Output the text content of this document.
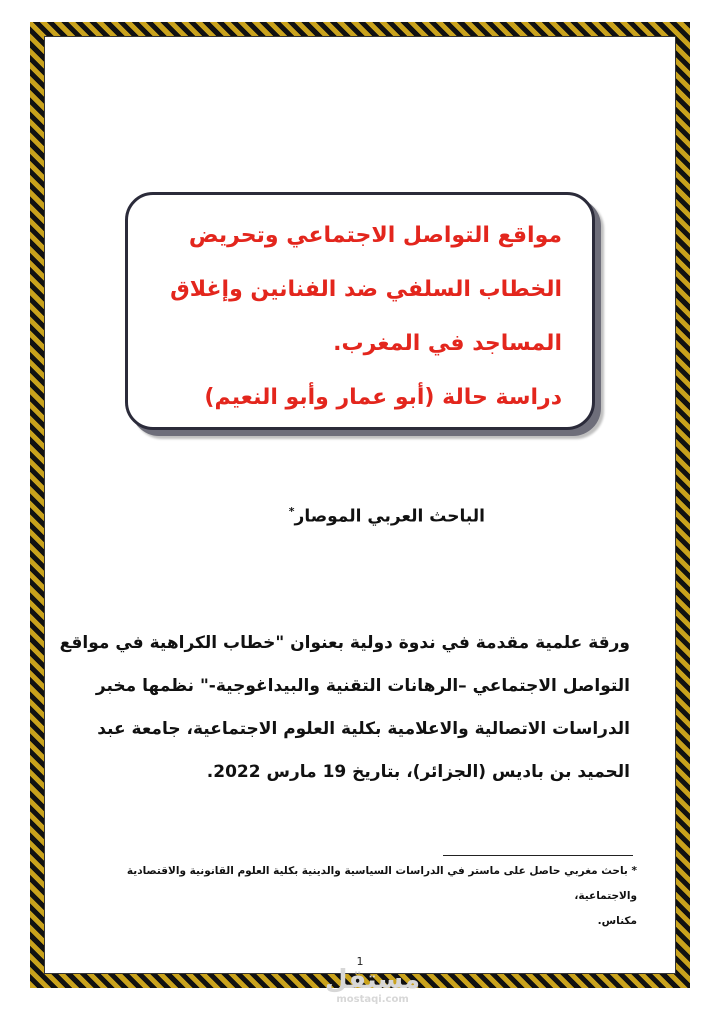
مواقع التواصل الاجتماعي وتحريض
الخطاب السلفي ضد الفنانين وإغلاق
المساجد في المغرب.
دراسة حالة (أبو عمار وأبو النعيم)
الباحث العربي الموصار*
ورقة علمية مقدمة في ندوة دولية بعنوان "خطاب الكراهية في مواقع
التواصل الاجتماعي –الرهانات التقنية والبيداغوجية-" نظمها مخبر
الدراسات الاتصالية والاعلامية بكلية العلوم الاجتماعية، جامعة عبد
الحميد بن باديس (الجزائر)، بتاريخ 19 مارس 2022.
* باحث مغربي حاصل على ماستر في الدراسات السياسية والدينية بكلية العلوم القانونية والاقتصادية والاجتماعية،
مكناس.
1
مستقل
mostaqi.com
